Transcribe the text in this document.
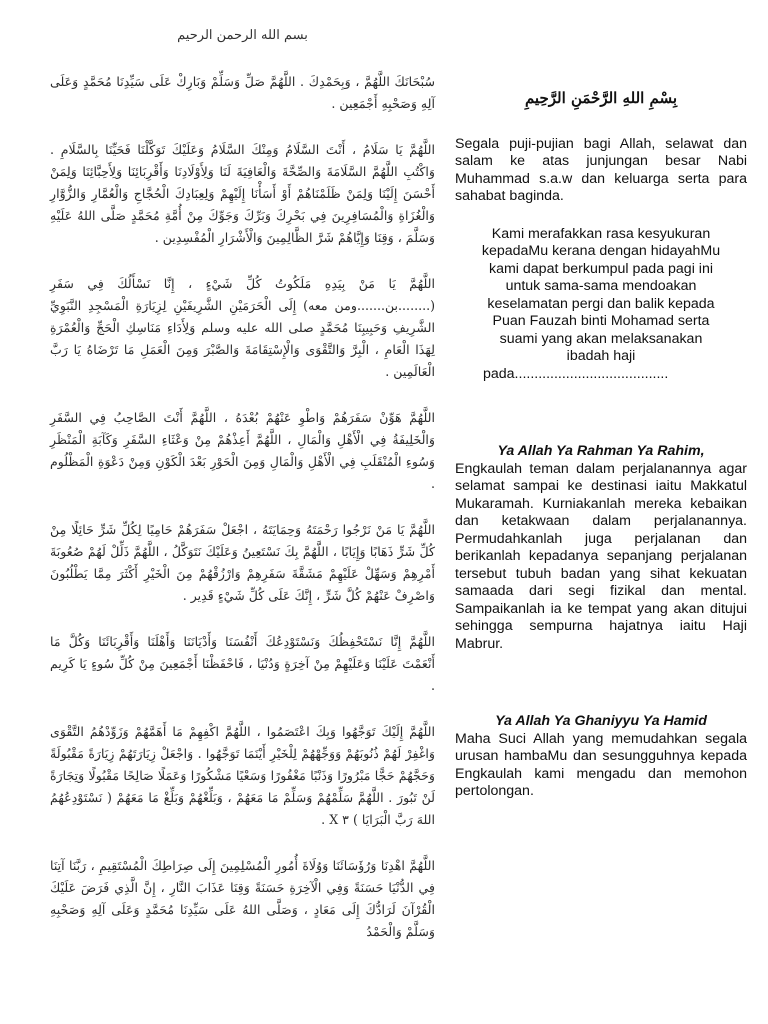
بسم الله الرحمن الرحيم

سُبْحَانَكَ اللَّهُمَّ ، وَبِحَمْدِكَ . اللَّهُمَّ صَلِّ وَسَلِّمْ وَبَارِكْ عَلَى سَيِّدِنَا مُحَمَّدٍ وَعَلَى آلِهِ وَصَحْبِهِ أَجْمَعِين .

اللَّهُمَّ يَا سَلَامُ ، أَنْتَ السَّلَامُ وَمِنْكَ السَّلَامُ وَعَلَيْكَ تَوَكَّلْنَا فَحَيِّنَا بِالسَّلَامِ . وَاكْتُبِ اللَّهُمَّ السَّلَامَةَ وَالصِّحَّةَ وَالْعَافِيَةَ لَنَا وَلِأَوْلَادِنَا وَأَقْرِبَائِنَا وَلِأَحِبَّائِنَا وَلِمَنْ أَحْسَنَ إِلَيْنَا وَلِمَنْ ظَلَمْنَاهُمْ أَوْ أَسَأْنَا إِلَيْهِمْ وَلِعِبَادِكَ الْحُجَّاجِ وَالْعُمَّارِ وَالزُّوَّارِ وَالْغُزَاةِ وَالْمُسَافِرِينَ فِي بَحْرِكَ وَبَرِّكَ وَجَوِّكَ مِنْ أُمَّةِ مُحَمَّدٍ صَلَّى اللهُ عَلَيْهِ وَسَلَّمَ ، وَقِنَا وَإِيَّاهُمْ شَرَّ الظَّالِمِينَ وَالْأَشْرَارِ الْمُفْسِدِين .

اللَّهُمَّ يَا مَنْ بِيَدِهِ مَلَكُوتُ كُلِّ شَيْءٍ ، إِنَّا نَسْأَلُكَ فِي سَفَرِ (........بن.......ومن معه) إِلَى الْحَرَمَيْنِ الشَّرِيفَيْنِ لِزِيَارَةِ الْمَسْجِدِ النَّبَوِيِّ الشَّرِيفِ وَحَبِيبِنَا مُحَمَّدٍ صلى الله عليه وسلم وَلِأَدَاءِ مَنَاسِكِ الْحَجِّ وَالْعُمْرَةِ لِهَذَا الْعَامِ ، الْبِرَّ وَالتَّقْوَى وَالْإِسْتِقَامَةَ وَالصَّبْرَ وَمِنَ الْعَمَلِ مَا تَرْضَاهُ يَا رَبَّ الْعَالَمِين .

اللَّهُمَّ هَوِّنْ سَفَرَهُمْ وَاطْوِ عَنْهُمْ بُعْدَهُ ، اللَّهُمَّ أَنْتَ الصَّاحِبُ فِي السَّفَرِ وَالْخَلِيفَةُ فِي الْأَهْلِ وَالْمَالِ ، اللَّهُمَّ أَعِذْهُمْ مِنْ وَعْثَاءِ السَّفَرِ وَكَآبَةِ الْمَنْظَرِ وَسُوءِ الْمُنْقَلَبِ فِي الْأَهْلِ وَالْمَالِ وَمِنَ الْحَوْرِ بَعْدَ الْكَوْنِ وَمِنْ دَعْوَةِ الْمَظْلُوم .

اللَّهُمَّ يَا مَنْ نَرْجُوا رَحْمَتَهُ وَحِمَايَتَهُ ، اجْعَلْ سَفَرَهُمْ حَامِيًا لِكُلِّ شَرٍّ حَائِلًا مِنْ كُلِّ شَرٍّ ذَهَابًا وَإِيَابًا ، اللَّهُمَّ بِكَ نَسْتَعِينُ وَعَلَيْكَ نَتَوَكَّلُ ، اللَّهُمَّ ذَلِّلْ لَهُمْ صُعُوبَةَ أَمْرِهِمْ وَسَهِّلْ عَلَيْهِمْ مَشَقَّةَ سَفَرِهِمْ وَارْزُقْهُمْ مِنَ الْخَيْرِ أَكْثَرَ مِمَّا يَطْلُبُونَ وَاصْرِفْ عَنْهُمْ كُلَّ شَرٍّ ، إِنَّكَ عَلَى كُلِّ شَيْءٍ قَدِير .

اللَّهُمَّ إِنَّا نَسْتَحْفِظُكَ وَنَسْتَوْدِعُكَ أَنْفُسَنَا وَأَدْيَانَنَا وَأَهْلَنَا وَأَقْرِبَائَنَا وَكُلَّ مَا أَنْعَمْتَ عَلَيْنَا وَعَلَيْهِمْ مِنْ آخِرَةٍ وَدُنْيَا ، فَاحْفَظْنَا أَجْمَعِينَ مِنْ كُلِّ سُوءٍ يَا كَرِيم .

اللَّهُمَّ إِلَيْكَ تَوَجَّهُوا وَبِكَ اعْتَصَمُوا ، اللَّهُمَّ اكْفِهِمْ مَا أَهَمَّهُمْ وَزَوِّدْهُمُ التَّقْوَى وَاغْفِرْ لَهُمْ ذُنُوبَهُمْ وَوَجِّهْهُمْ لِلْخَيْرِ أَيْنَمَا تَوَجَّهُوا . وَاجْعَلْ زِيَارَتَهُمْ زِيَارَةً مَقْبُولَةً وَحَجَّهُمْ حَجًّا مَبْرُورًا وَذَنْبًا مَغْفُورًا وَسَعْيًا مَشْكُورًا وَعَمَلًا صَالِحًا مَقْبُولًا وَتِجَارَةً لَنْ تَبُورَ . اللَّهُمَّ سَلِّمْهُمْ وَسَلِّمْ مَا مَعَهُمْ ، وَبَلِّغْهُمْ وَبَلِّغْ مَا مَعَهُمْ ( نَسْتَوْدِعُهُمُ اللهَ رَبَّ الْبَرَايَا ) ٣ X .

اللَّهُمَّ اهْدِنَا وَرُؤَسَائَنَا وَوُلَاةَ أُمُورِ الْمُسْلِمِينَ إِلَى صِرَاطِكَ الْمُسْتَقِيمِ ، رَبَّنَا آتِنَا فِي الدُّنْيَا حَسَنَةً وَفِي الْآخِرَةِ حَسَنَةً وَقِنَا عَذَابَ النَّارِ ، إِنَّ الَّذِي فَرَضَ عَلَيْكَ الْقُرْآنَ لَرَادُّكَ إِلَى مَعَادٍ ، وَصَلَّى اللهُ عَلَى سَيِّدِنَا مُحَمَّدٍ وَعَلَى آلِهِ وَصَحْبِهِ وَسَلَّمْ وَالْحَمْدُ

بِسْمِ اللهِ الرَّحْمَنِ الرَّحِيمِ

Segala puji-pujian bagi Allah, selawat dan salam ke atas junjungan besar Nabi Muhammad s.a.w dan keluarga serta para sahabat baginda.

Kami merafakkan rasa kesyukuran

kepadaMu kerana dengan hidayahMu

kami dapat berkumpul pada pagi ini

untuk sama-sama mendoakan

keselamatan pergi dan balik kepada

Puan Fauzah binti Mohamad serta

suami yang akan melaksanakan

ibadah haji

pada.......................................

Ya Allah Ya Rahman Ya Rahim,

Engkaulah teman dalam perjalanannya agar selamat sampai ke destinasi iaitu Makkatul Mukaramah. Kurniakanlah mereka kebaikan dan ketakwaan dalam perjalanannya. Permudahkanlah juga perjalanan dan berikanlah kepadanya sepanjang perjalanan tersebut tubuh badan yang sihat kekuatan samaada dari segi fizikal dan mental. Sampaikanlah ia ke tempat yang akan ditujui sehingga sempurna hajatnya iaitu Haji Mabrur.

Ya Allah Ya Ghaniyyu Ya Hamid

Maha Suci Allah yang memudahkan segala urusan hambaMu dan sesungguhnya kepada Engkaulah kami mengadu dan memohon pertolongan.
